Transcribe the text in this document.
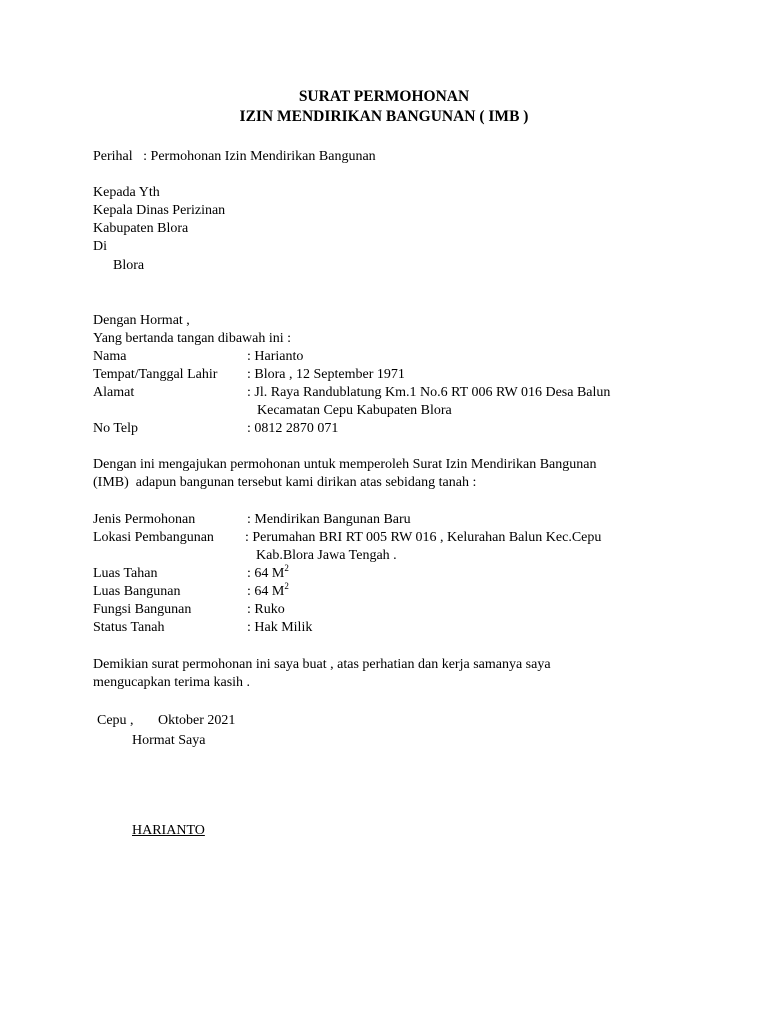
SURAT PERMOHONAN
IZIN MENDIRIKAN BANGUNAN ( IMB )
Perihal   : Permohonan Izin Mendirikan Bangunan
Kepada Yth
Kepala Dinas Perizinan
Kabupaten Blora
Di
Blora
Dengan Hormat ,
Yang bertanda tangan dibawah ini :
Nama	: Harianto
Tempat/Tanggal Lahir : Blora , 12 September 1971
Alamat	: Jl. Raya Randublatung Km.1 No.6 RT 006 RW 016 Desa Balun
Kecamatan Cepu Kabupaten Blora
No Telp	: 0812 2870 071
Dengan ini mengajukan permohonan untuk memperoleh Surat Izin Mendirikan Bangunan
(IMB)  adapun bangunan tersebut kami dirikan atas sebidang tanah :
Jenis Permohonan	: Mendirikan Bangunan Baru
Lokasi Pembangunan : Perumahan BRI RT 005 RW 016 , Kelurahan Balun Kec.Cepu
Kab.Blora Jawa Tengah .
Luas Tahan	: 64 $M^2$
Luas Bangunan	: 64 $M^2$
Fungsi Bangunan	: Ruko
Status Tanah	: Hak Milik
Demikian surat permohonan ini saya buat , atas perhatian dan kerja samanya saya
mengucapkan terima kasih .
Cepu ,       Oktober 2021
Hormat Saya
HARIANTO
